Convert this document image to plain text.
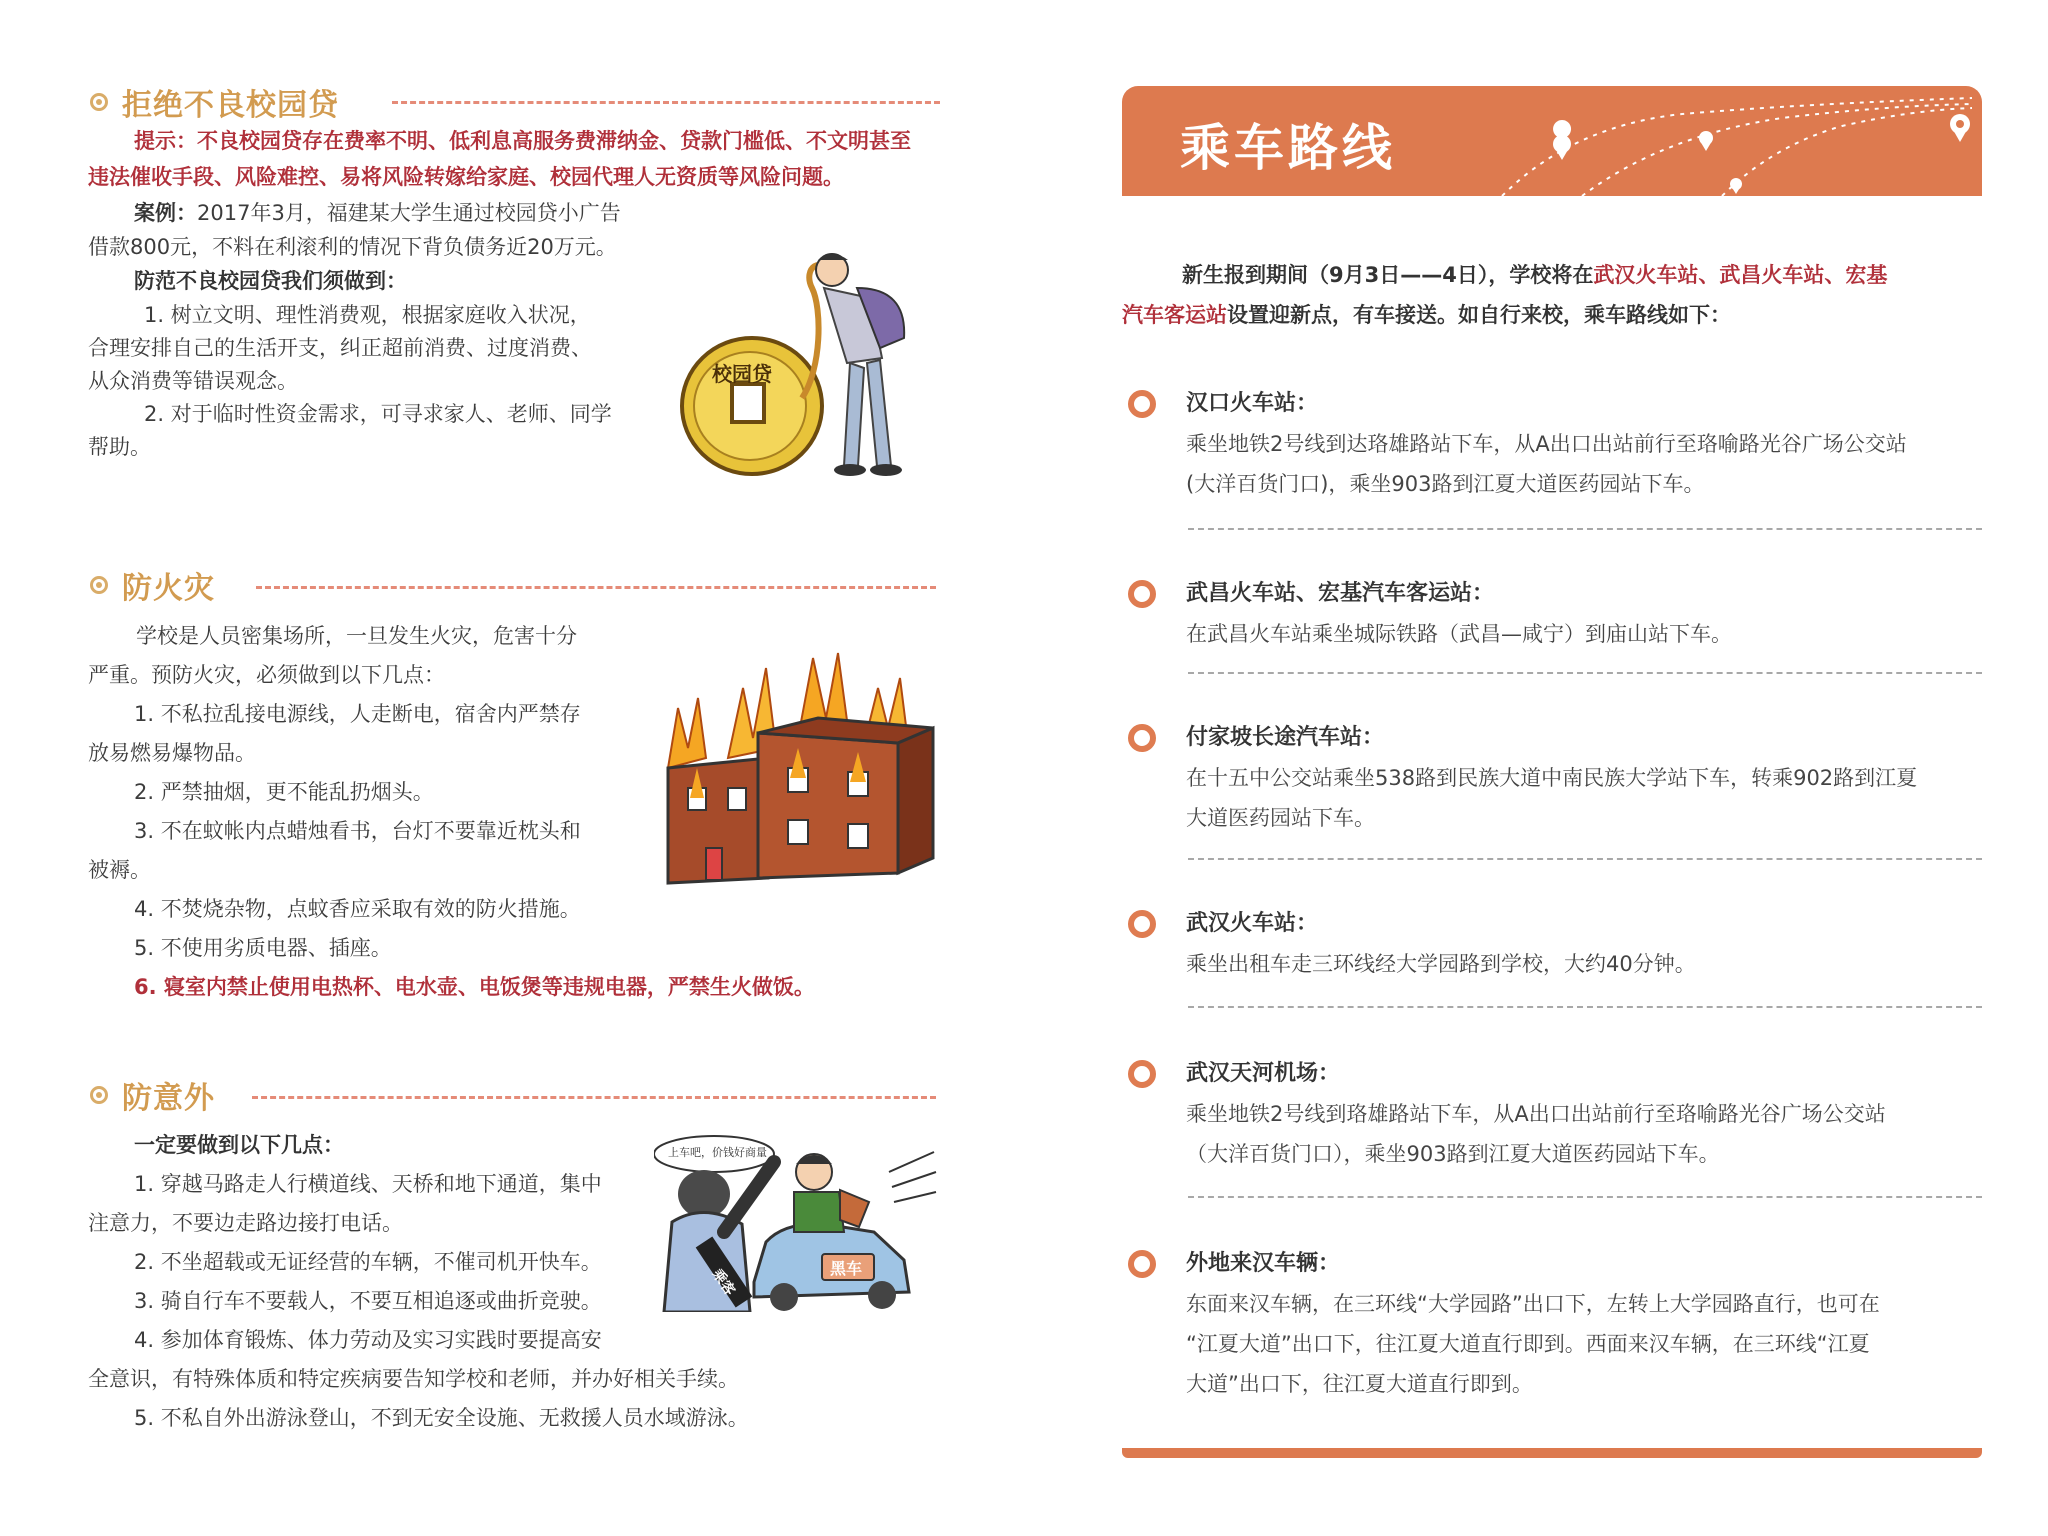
拒绝不良校园贷
提示：不良校园贷存在费率不明、低利息高服务费滞纳金、贷款门槛低、不文明甚至
违法催收手段、风险难控、易将风险转嫁给家庭、校园代理人无资质等风险问题。
案例：2017年3月，福建某大学生通过校园贷小广告
借款800元，不料在利滚利的情况下背负债务近20万元。
防范不良校园贷我们须做到：
1. 树立文明、理性消费观，根据家庭收入状况，
合理安排自己的生活开支，纠正超前消费、过度消费、
从众消费等错误观念。
2. 对于临时性资金需求，可寻求家人、老师、同学
帮助。
校园贷
防火灾
学校是人员密集场所，一旦发生火灾，危害十分
严重。预防火灾，必须做到以下几点：
1. 不私拉乱接电源线，人走断电，宿舍内严禁存
放易燃易爆物品。
2. 严禁抽烟，更不能乱扔烟头。
3. 不在蚊帐内点蜡烛看书，台灯不要靠近枕头和
被褥。
4. 不焚烧杂物，点蚊香应采取有效的防火措施。
5. 不使用劣质电器、插座。
6. 寝室内禁止使用电热杯、电水壶、电饭煲等违规电器，严禁生火做饭。
防意外
一定要做到以下几点：
1. 穿越马路走人行横道线、天桥和地下通道，集中
注意力，不要边走路边接打电话。
2. 不坐超载或无证经营的车辆，不催司机开快车。
3. 骑自行车不要载人，不要互相追逐或曲折竞驶。
4. 参加体育锻炼、体力劳动及实习实践时要提高安
全意识，有特殊体质和特定疾病要告知学校和老师，并办好相关手续。
5. 不私自外出游泳登山，不到无安全设施、无救援人员水域游泳。
上车吧，价钱好商量
乘客	黑车
乘车路线
新生报到期间（9月3日——4日），学校将在武汉火车站、武昌火车站、宏基
汽车客运站设置迎新点，有车接送。如自行来校，乘车路线如下：
汉口火车站：
乘坐地铁2号线到达珞雄路站下车，从A出口出站前行至珞喻路光谷广场公交站
(大洋百货门口)，乘坐903路到江夏大道医药园站下车。
武昌火车站、宏基汽车客运站：
在武昌火车站乘坐城际铁路（武昌—咸宁）到庙山站下车。
付家坡长途汽车站：
在十五中公交站乘坐538路到民族大道中南民族大学站下车，转乘902路到江夏
大道医药园站下车。
武汉火车站：
乘坐出租车走三环线经大学园路到学校，大约40分钟。
武汉天河机场：
乘坐地铁2号线到珞雄路站下车，从A出口出站前行至珞喻路光谷广场公交站
（大洋百货门口），乘坐903路到江夏大道医药园站下车。
外地来汉车辆：
东面来汉车辆，在三环线“大学园路”出口下，左转上大学园路直行，也可在
“江夏大道”出口下，往江夏大道直行即到。西面来汉车辆，在三环线“江夏
大道”出口下，往江夏大道直行即到。
